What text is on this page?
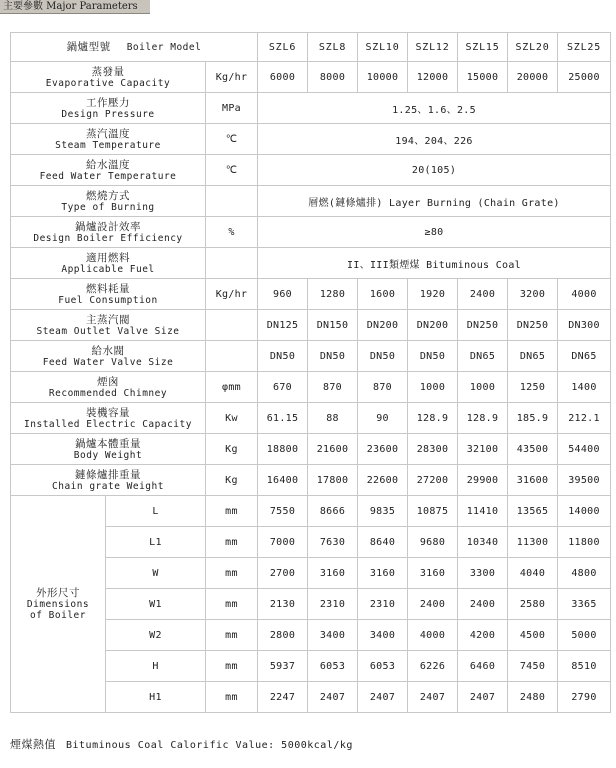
主要參數 Major Parameters
鍋爐型號 Boiler Model			SZL6	SZL8	SZL10	SZL12	SZL15	SZL20	SZL25

蒸發量
Evaporative Capacity		Kg/hr	6000	8000	10000	12000	15000	20000	25000

工作壓力
Design Pressure		MPa	1.25、1.6、2.5						

蒸汽溫度
Steam Temperature		℃	194、204、226						

給水溫度
Feed Water Temperature		℃	20(105)						

燃燒方式
Type of Burning			層燃(鏈條爐排) Layer Burning (Chain Grate)						

鍋爐設計效率
Design Boiler Efficiency		%	≥80						

適用燃料
Applicable Fuel			II、III類煙煤 Bituminous Coal						

燃料耗量
Fuel Consumption		Kg/hr	960	1280	1600	1920	2400	3200	4000

主蒸汽閥
Steam Outlet Valve Size			DN125	DN150	DN200	DN200	DN250	DN250	DN300

給水閥
Feed Water Valve Size			DN50	DN50	DN50	DN50	DN65	DN65	DN65

煙囪
Recommended Chimney		φmm	670	870	870	1000	1000	1250	1400

裝機容量
Installed Electric Capacity		Kw	61.15	88	90	128.9	128.9	185.9	212.1

鍋爐本體重量
Body Weight		Kg	18800	21600	23600	28300	32100	43500	54400

鏈條爐排重量
Chain grate Weight		Kg	16400	17800	22600	27200	29900	31600	39500

外形尺寸
Dimensions
of Boiler	L	mm	7550	8666	9835	10875	11410	13565	14000
	L1	mm	7000	7630	8640	9680	10340	11300	11800
	W	mm	2700	3160	3160	3160	3300	4040	4800
	W1	mm	2130	2310	2310	2400	2400	2580	3365
	W2	mm	2800	3400	3400	4000	4200	4500	5000
	H	mm	5937	6053	6053	6226	6460	7450	8510
	H1	mm	2247	2407	2407	2407	2407	2480	2790
煙煤熱值 Bituminous Coal Calorific Value: 5000kcal/kg
